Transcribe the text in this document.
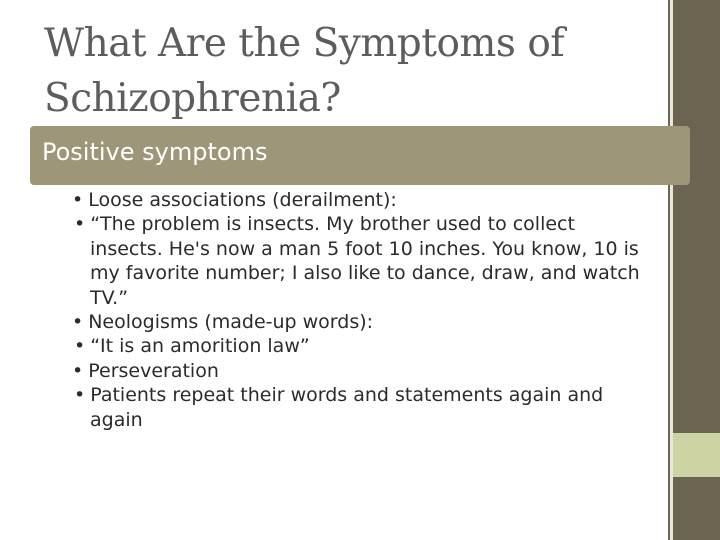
What Are the Symptoms of
Schizophrenia?
Positive symptoms

• Loose associations (derailment):

• “The problem is insects. My brother used to collect
insects. He's now a man 5 foot 10 inches. You know, 10 is
my favorite number; I also like to dance, draw, and watch
TV.”

• Neologisms (made-up words):

• “It is an amorition law”

• Perseveration

• Patients repeat their words and statements again and
again
